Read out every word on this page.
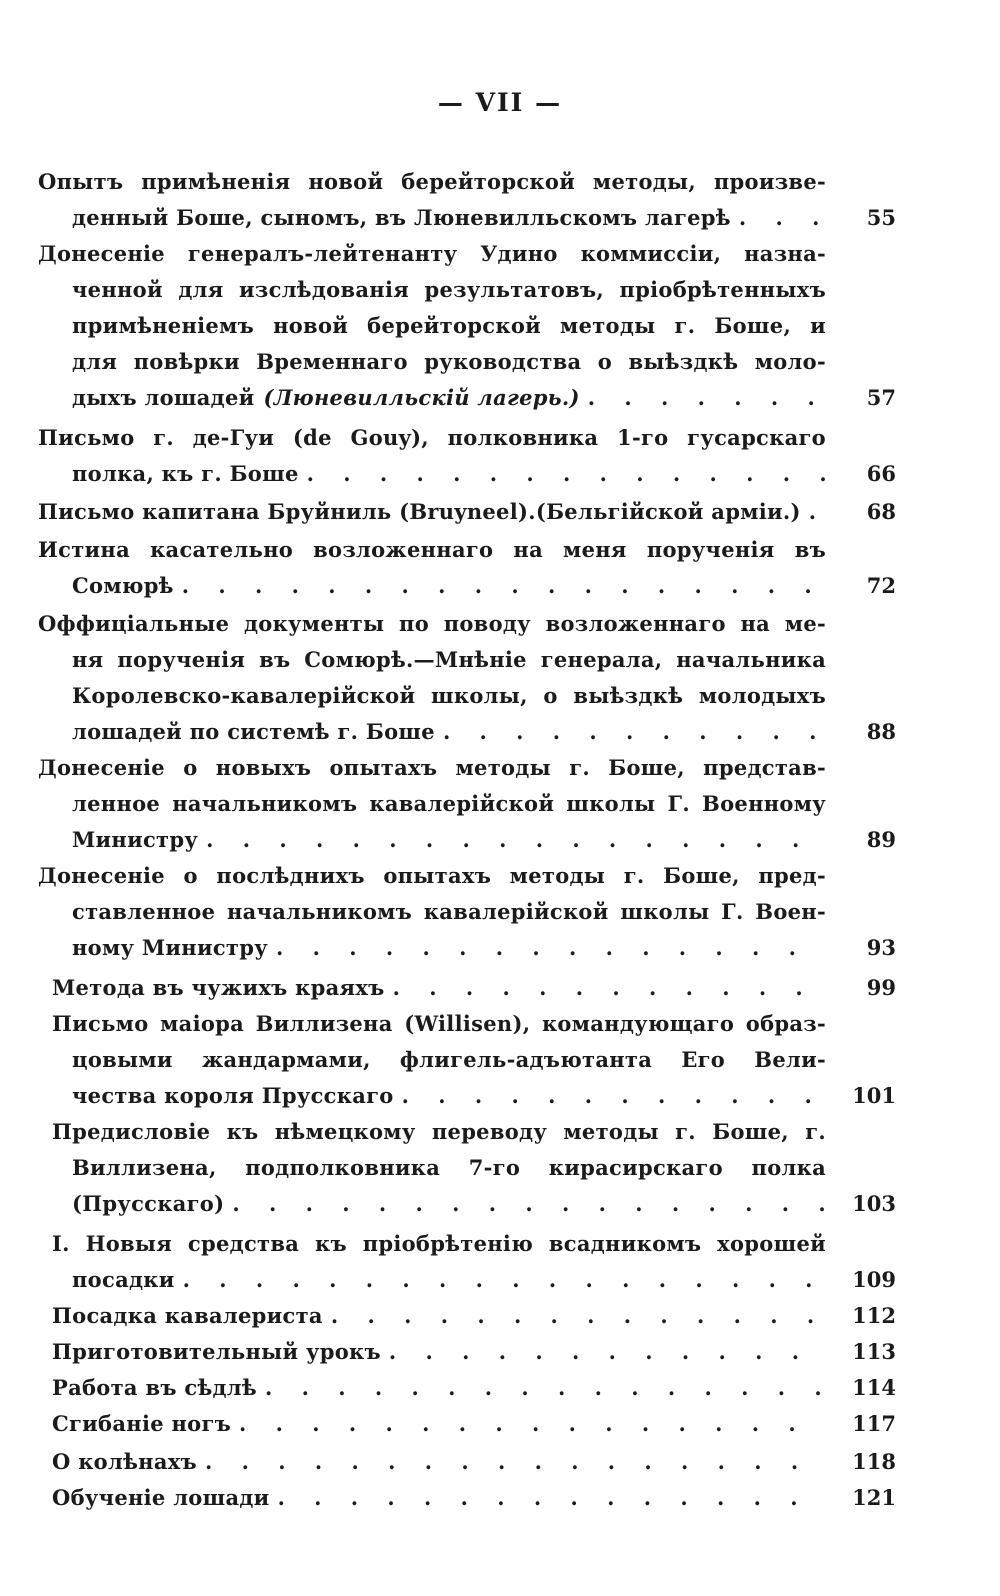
— VII —
Опытъ примѣненія новой берейторской методы, произве-
55
денный Боше, сыномъ, въ Люневилльскомъ лагерѣ
. . .
Донесеніе генералъ-лейтенанту Удино коммиссіи, назна-
ченной для изслѣдованія результатовъ, пріобрѣтенныхъ
примѣненіемъ новой берейторской методы г. Боше, и
для повѣрки Временнаго руководства о выѣздкѣ моло-
57
дыхъ лошадей (Люневилльскій лагерь.)
. . .
Письмо г. де-Гуи (de Gouy), полковника 1-го гусарскаго
66
полка, къ г. Боше
. . .
68
Письмо капитана Бруйниль (Bruyneel).(Бельгійской арміи.)
. . .
Истина касательно возложеннаго на меня порученія въ
72
Сомюрѣ
. . .
Оффиціальные документы по поводу возложеннаго на ме-
ня порученія въ Сомюрѣ.—Мнѣніе генерала, начальника
Королевско-кавалерійской школы, о выѣздкѣ молодыхъ
88
лошадей по системѣ г. Боше
. . .
Донесеніе о новыхъ опытахъ методы г. Боше, представ-
ленное начальникомъ кавалерійской школы Г. Военному
89
Министру
. . .
Донесеніе о послѣднихъ опытахъ методы г. Боше, пред-
ставленное начальникомъ кавалерійской школы Г. Воен-
93
ному Министру
. . .
99
Метода въ чужихъ краяхъ
. . .
Письмо маіора Виллизена (Willisen), командующаго образ-
цовыми жандармами, флигель-адъютанта Его Вели-
101
чества короля Прусскаго
. . .
Предисловіе къ нѣмецкому переводу методы г. Боше, г.
Виллизена, подполковника 7-го кирасирскаго полка
103
(Прусскаго)
. . .
I. Новыя средства къ пріобрѣтенію всадникомъ хорошей
109
посадки
. . .
112
Посадка кавалериста
. . .
113
Приготовительный урокъ
. . .
114
Работа въ сѣдлѣ
. . .
117
Сгибаніе ногъ
. . .
118
О колѣнахъ
. . .
121
Обученіе лошади
. . .
